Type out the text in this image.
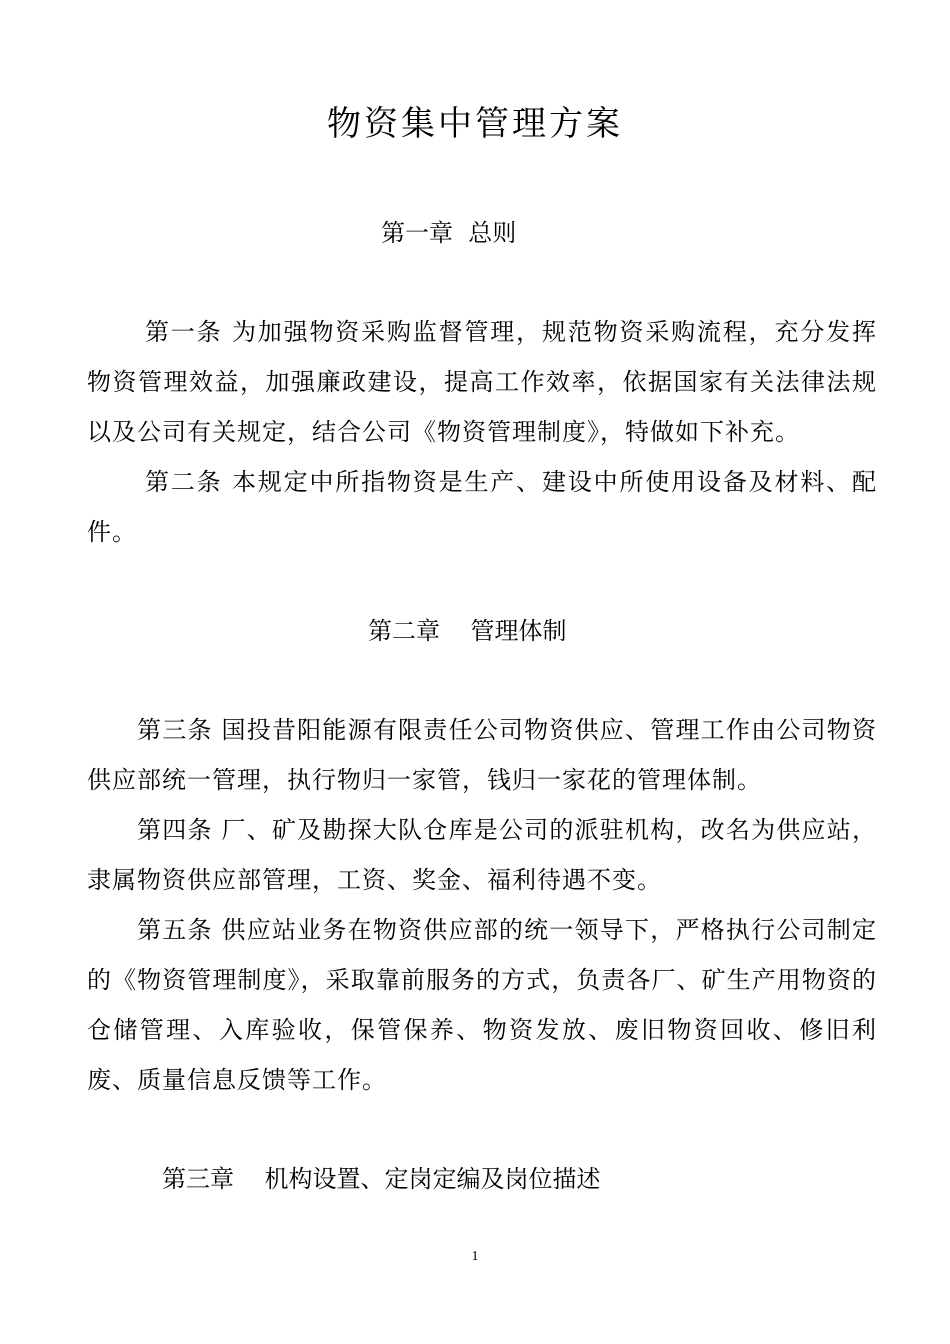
物资集中管理方案
第一章  总则
第一条 为加强物资采购监督管理，规范物资采购流程，充分发挥物资管理效益，加强廉政建设，提高工作效率，依据国家有关法律法规以及公司有关规定，结合公司《物资管理制度》，特做如下补充。
第二条 本规定中所指物资是生产、建设中所使用设备及材料、配件。
第二章    管理体制
第三条 国投昔阳能源有限责任公司物资供应、管理工作由公司物资供应部统一管理，执行物归一家管，钱归一家花的管理体制。
第四条 厂、矿及勘探大队仓库是公司的派驻机构，改名为供应站，隶属物资供应部管理，工资、奖金、福利待遇不变。
第五条 供应站业务在物资供应部的统一领导下，严格执行公司制定的《物资管理制度》，采取靠前服务的方式，负责各厂、矿生产用物资的仓储管理、入库验收，保管保养、物资发放、废旧物资回收、修旧利废、质量信息反馈等工作。
第三章    机构设置、定岗定编及岗位描述
1
